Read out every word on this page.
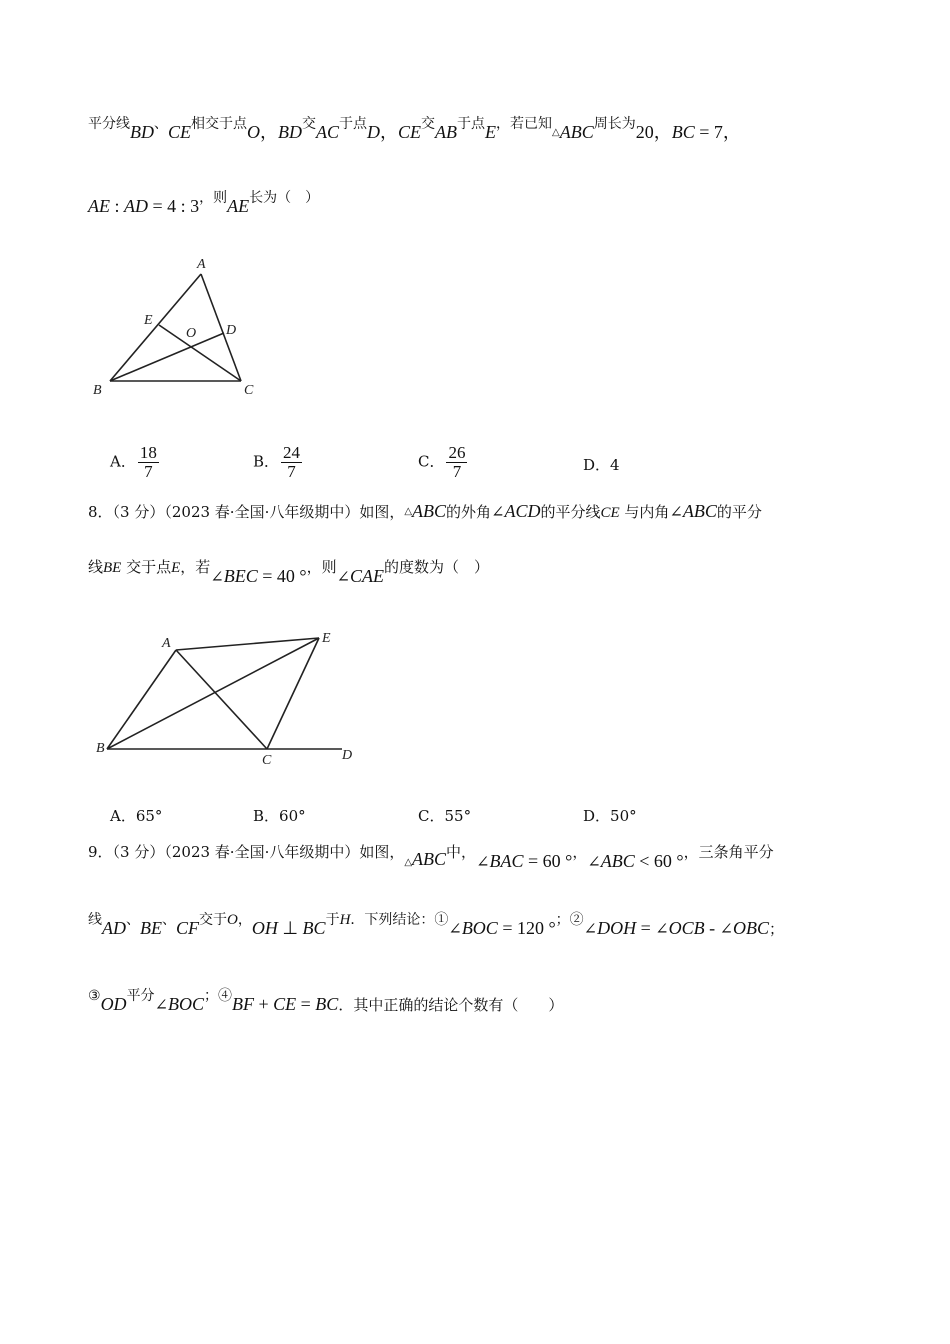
平分线BD、CE相交于点O，BD交AC于点D，CE交AB于点E，若已知△ABC周长为20，BC = 7，
AE : AD = 4 : 3，则AE长为（　）
A
E
O D
B	C
A． $\frac{18}{7}$	B． $\frac{24}{7}$	C． $\frac{26}{7}$	D．4
8．（3 分）（2023 春·全国·八年级期中）如图，△ABC的外角∠ACD的平分线CE 与内角∠ABC的平分
线BE 交于点E，若∠BEC = 40 °，则∠CAE的度数为（　）
A	E
B
C	D
A．65°	B．60°	C．55°	D．50°
9．（3 分）（2023 春·全国·八年级期中）如图，$_\triangle$ABC中，∠BAC = 60 °，∠ABC < 60 °，三条角平分
线AD、BE、CF交于O，OH ⊥ BC于H．下列结论：①∠BOC = 120 °；②∠DOH = ∠OCB - ∠OBC；
③OD平分∠BOC；④BF + CE = BC．其中正确的结论个数有（　　）
